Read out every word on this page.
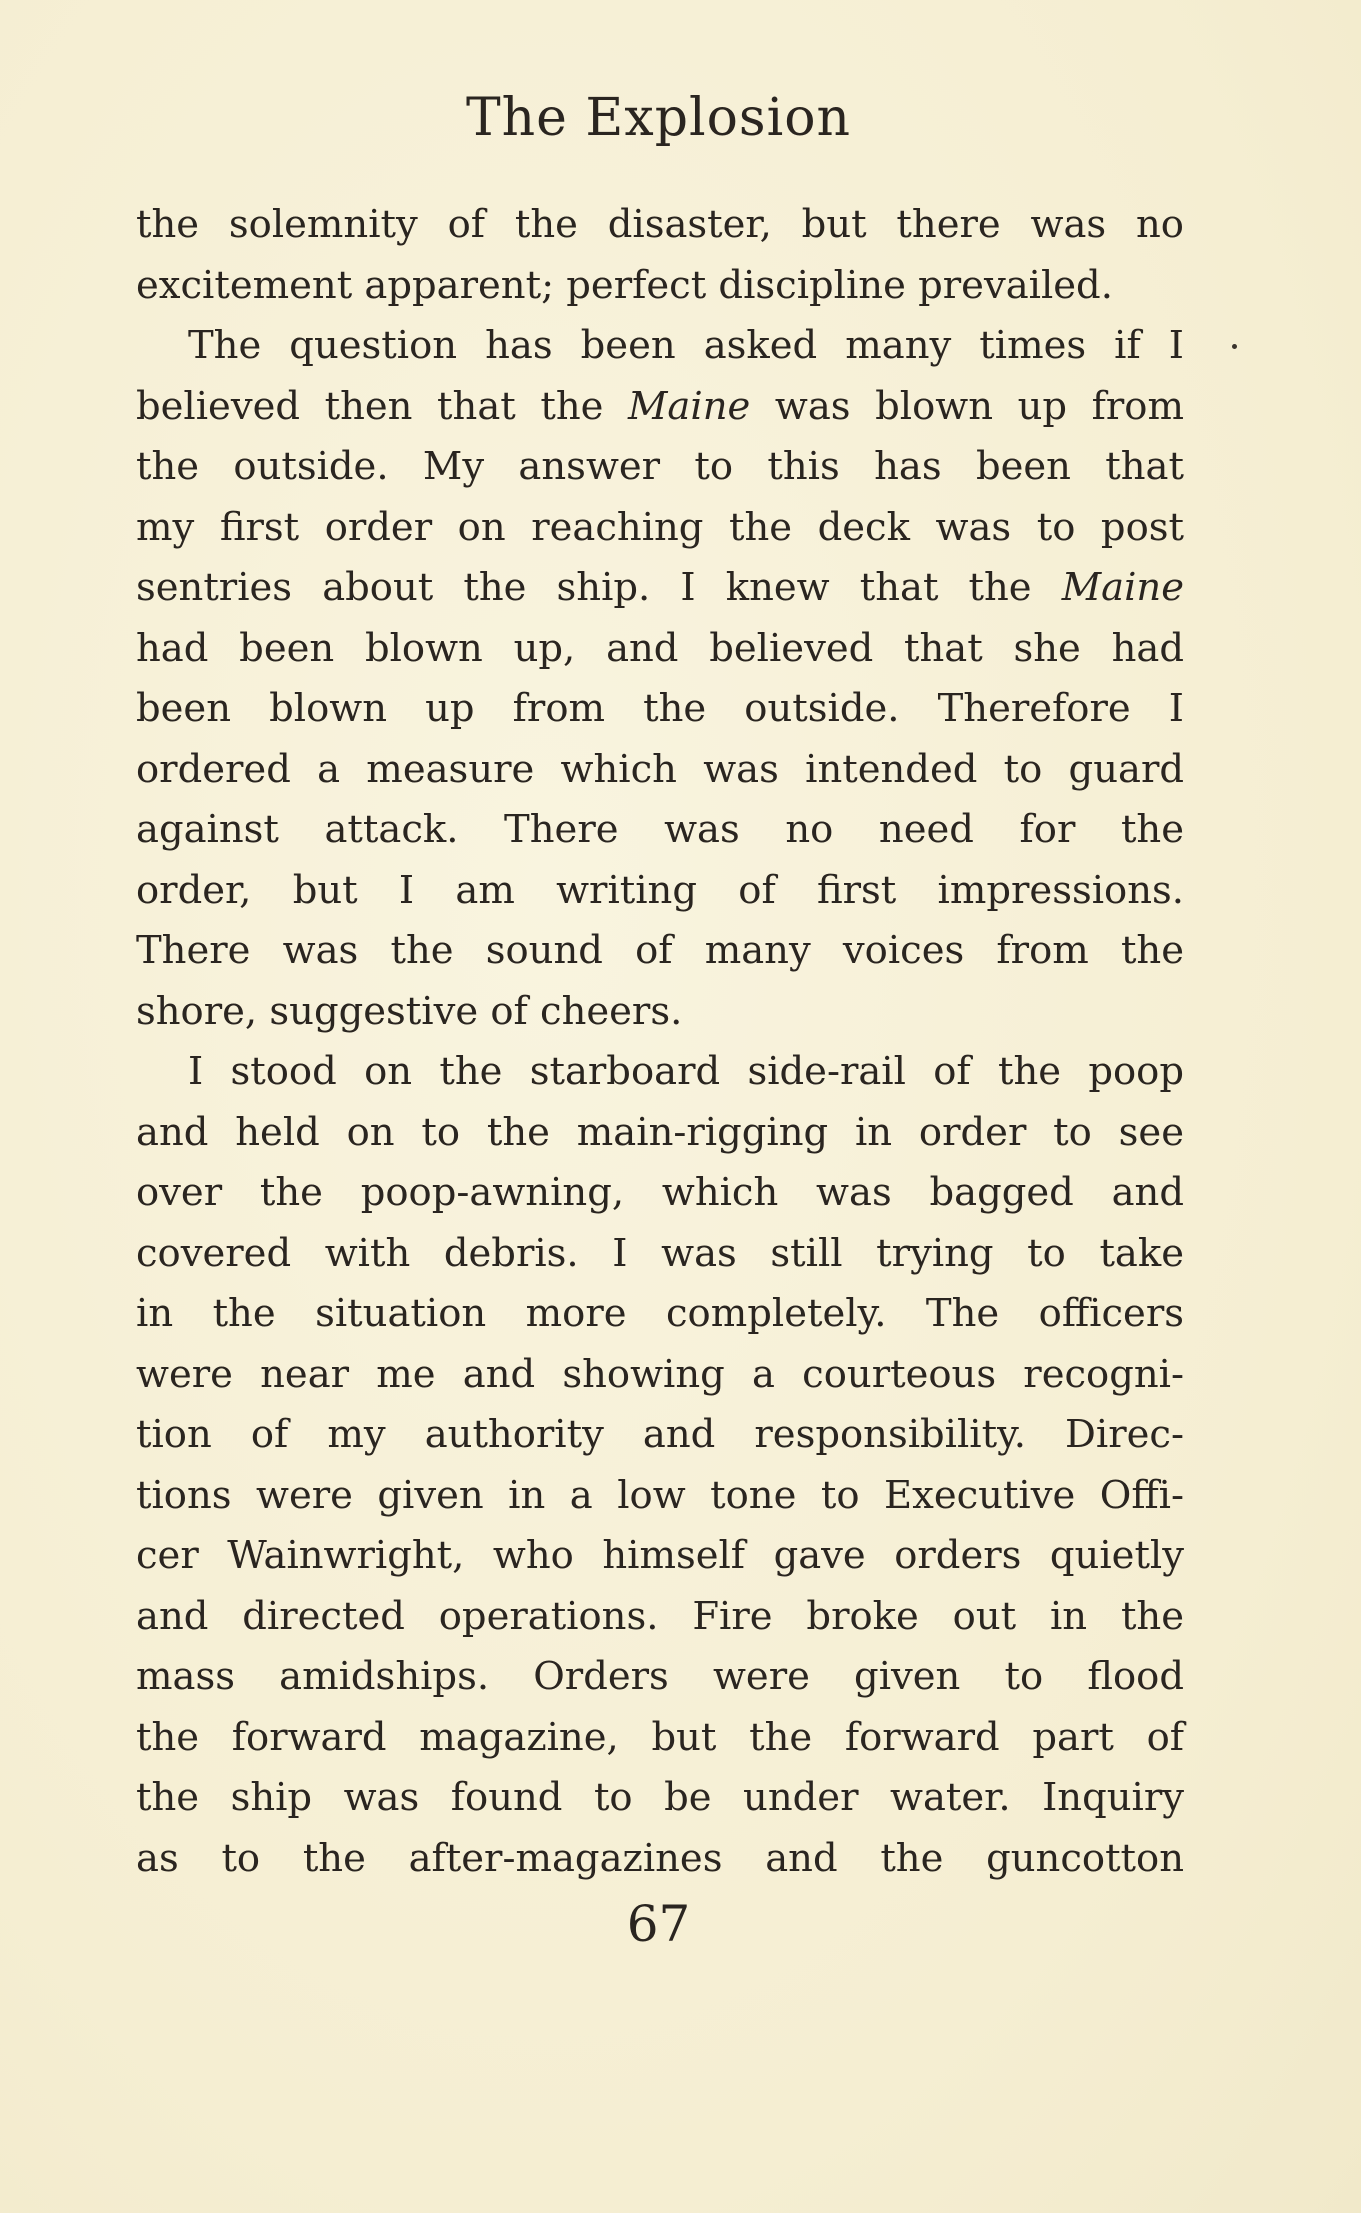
The Explosion
the solemnity of the disaster, but there was no
excitement apparent; perfect discipline prevailed.
The question has been asked many times if I
believed then that the Maine was blown up from
the outside. My answer to this has been that
my first order on reaching the deck was to post
sentries about the ship. I knew that the Maine
had been blown up, and believed that she had
been blown up from the outside. Therefore I
ordered a measure which was intended to guard
against attack. There was no need for the
order, but I am writing of first impressions.
There was the sound of many voices from the
shore, suggestive of cheers.
I stood on the starboard side-rail of the poop
and held on to the main-rigging in order to see
over the poop-awning, which was bagged and
covered with debris. I was still trying to take
in the situation more completely. The officers
were near me and showing a courteous recogni-
tion of my authority and responsibility. Direc-
tions were given in a low tone to Executive Offi-
cer Wainwright, who himself gave orders quietly
and directed operations. Fire broke out in the
mass amidships. Orders were given to flood
the forward magazine, but the forward part of
the ship was found to be under water. Inquiry
as to the after-magazines and the guncotton
67
